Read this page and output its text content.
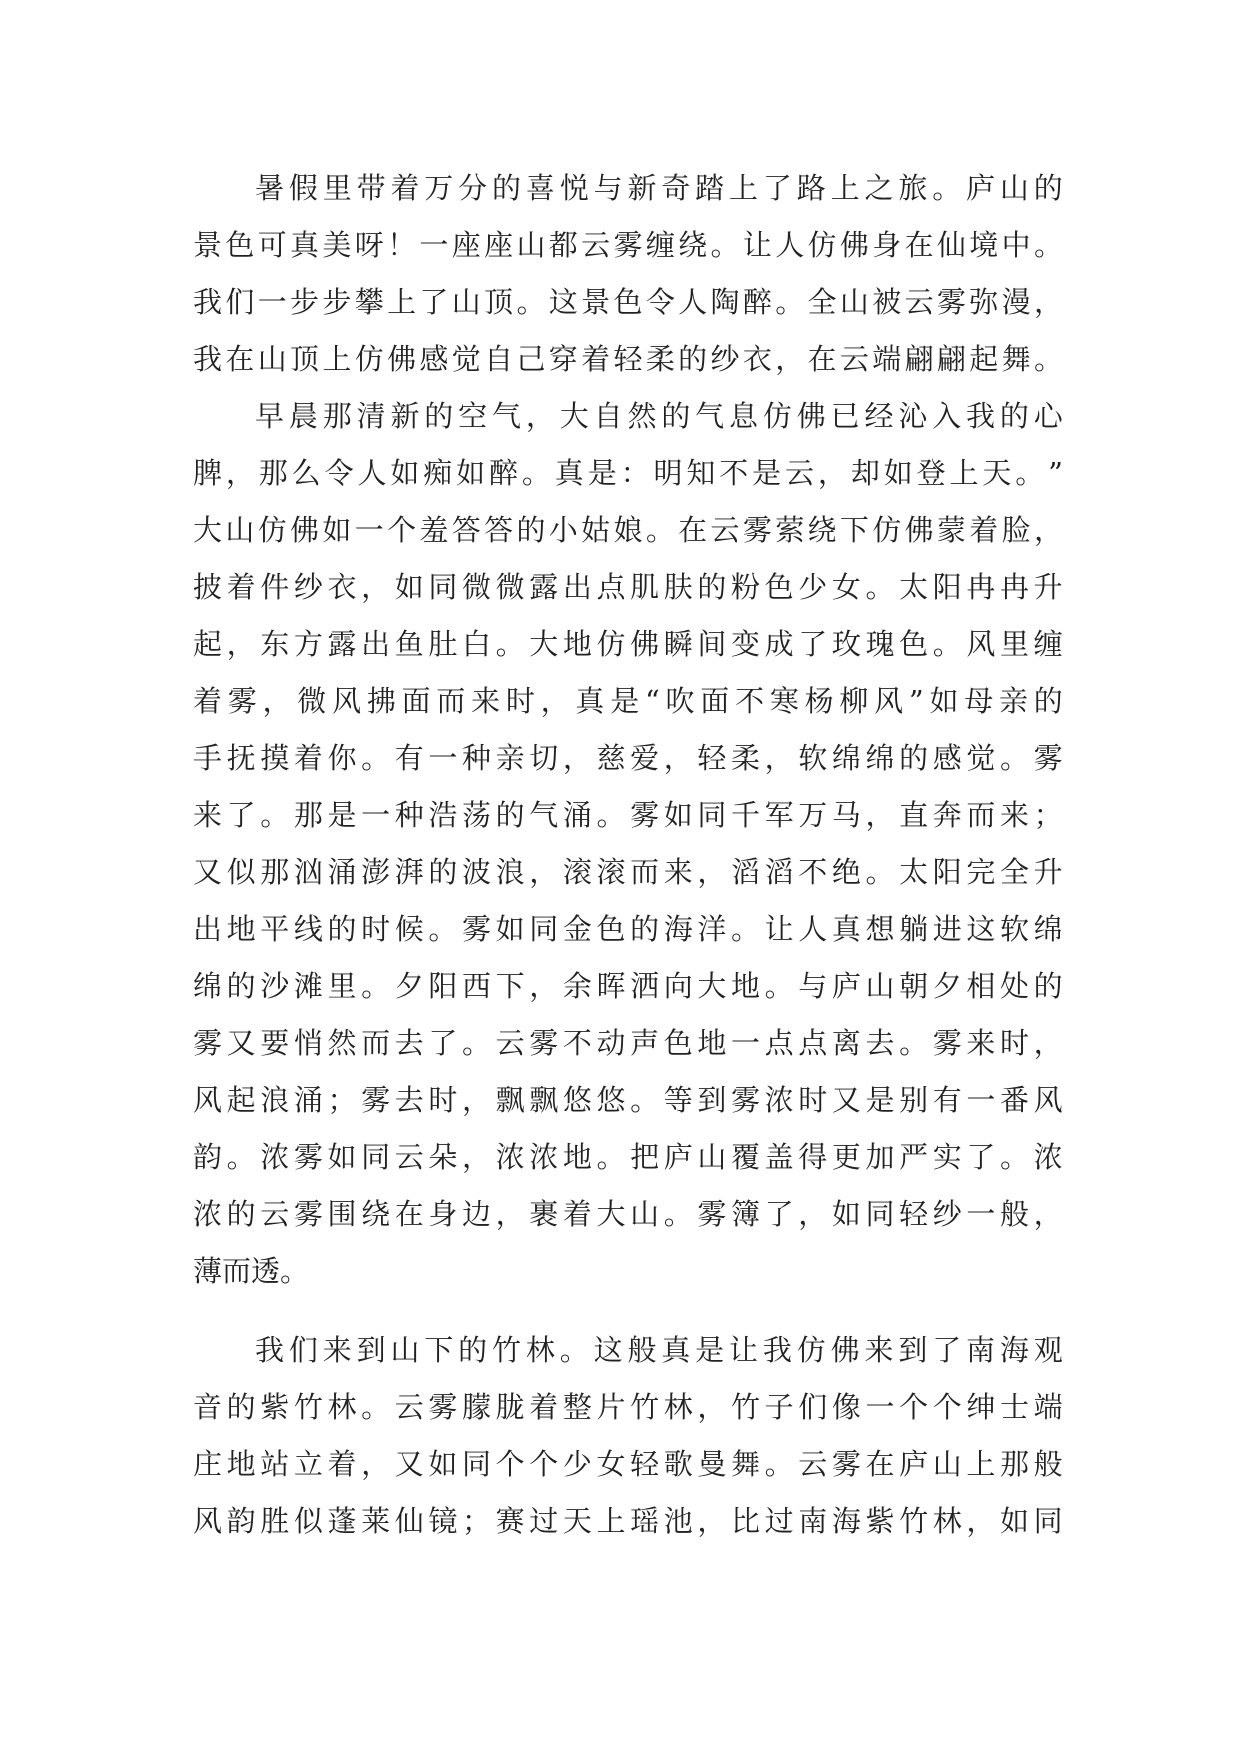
暑 假 里 带 着 万 分 的 喜 悦 与 新 奇 踏 上 了 路 上 之 旅 。 庐 山 的
景 色 可 真 美 呀 ！ 一 座 座 山 都 云 雾 缠 绕 。 让 人 仿 佛 身 在 仙 境 中 。
我 们 一 步 步 攀 上 了 山 顶 。 这 景 色 令 人 陶 醉 。 全 山 被 云 雾 弥 漫 ，
我 在 山 顶 上 仿 佛 感 觉 自 己 穿 着 轻 柔 的 纱 衣 ， 在 云 端 翩 翩 起 舞 。
早 晨 那 清 新 的 空 气 ， 大 自 然 的 气 息 仿 佛 已 经 沁 入 我 的 心
脾 ， 那 么 令 人 如 痴 如 醉 。 真 是 ： 明 知 不 是 云 ， 却 如 登 上 天 。 ”
大 山 仿 佛 如 一 个 羞 答 答 的 小 姑 娘 。 在 云 雾 萦 绕 下 仿 佛 蒙 着 脸 ，
披 着 件 纱 衣 ， 如 同 微 微 露 出 点 肌 肤 的 粉 色 少 女 。 太 阳 冉 冉 升
起 ， 东 方 露 出 鱼 肚 白 。 大 地 仿 佛 瞬 间 变 成 了 玫 瑰 色 。 风 里 缠
着 雾 ， 微 风 拂 面 而 来 时 ， 真 是 “ 吹 面 不 寒 杨 柳 风 ” 如 母 亲 的
手 抚 摸 着 你 。 有 一 种 亲 切 ， 慈 爱 ， 轻 柔 ， 软 绵 绵 的 感 觉 。 雾
来 了 。 那 是 一 种 浩 荡 的 气 涌 。 雾 如 同 千 军 万 马 ， 直 奔 而 来 ；
又 似 那 汹 涌 澎 湃 的 波 浪 ， 滚 滚 而 来 ， 滔 滔 不 绝 。 太 阳 完 全 升
出 地 平 线 的 时 候 。 雾 如 同 金 色 的 海 洋 。 让 人 真 想 躺 进 这 软 绵
绵 的 沙 滩 里 。 夕 阳 西 下 ， 余 晖 洒 向 大 地 。 与 庐 山 朝 夕 相 处 的
雾 又 要 悄 然 而 去 了 。 云 雾 不 动 声 色 地 一 点 点 离 去 。 雾 来 时 ，
风 起 浪 涌 ； 雾 去 时 ， 飘 飘 悠 悠 。 等 到 雾 浓 时 又 是 别 有 一 番 风
韵 。 浓 雾 如 同 云 朵 ， 浓 浓 地 。 把 庐 山 覆 盖 得 更 加 严 实 了 。 浓
浓 的 云 雾 围 绕 在 身 边 ， 裹 着 大 山 。 雾 簿 了 ， 如 同 轻 纱 一 般 ，
薄而透。
我 们 来 到 山 下 的 竹 林 。 这 般 真 是 让 我 仿 佛 来 到 了 南 海 观
音 的 紫 竹 林 。 云 雾 朦 胧 着 整 片 竹 林 ， 竹 子 们 像 一 个 个 绅 士 端
庄 地 站 立 着 ， 又 如 同 个 个 少 女 轻 歌 曼 舞 。 云 雾 在 庐 山 上 那 般
风 韵 胜 似 蓬 莱 仙 镜 ； 赛 过 天 上 瑶 池 ， 比 过 南 海 紫 竹 林 ， 如 同
